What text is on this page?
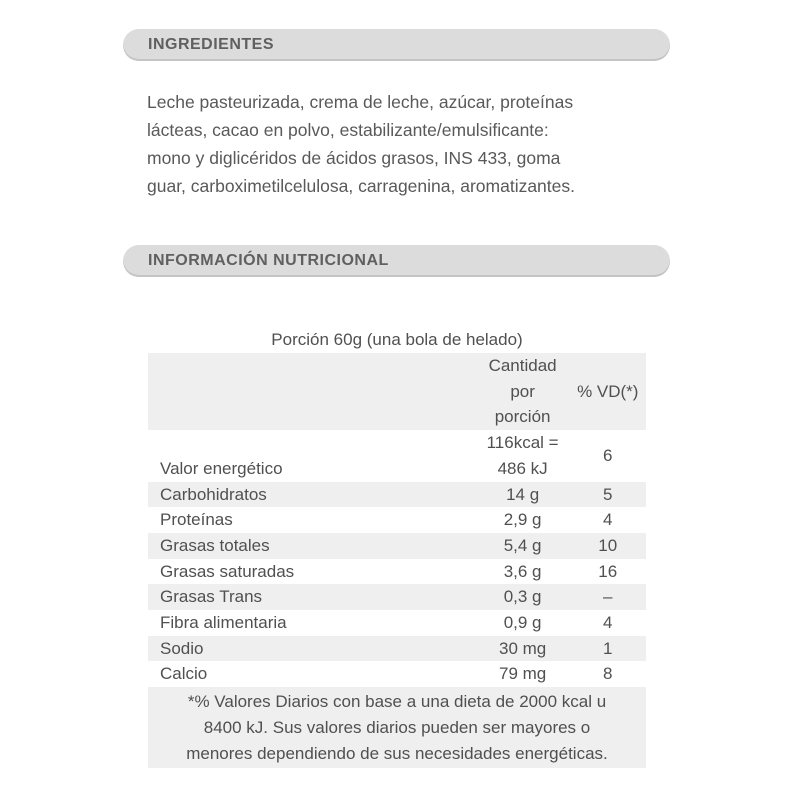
INGREDIENTES

Leche pasteurizada, crema de leche, azúcar, proteínas
lácteas, cacao en polvo, estabilizante/emulsificante:
mono y diglicéridos de ácidos grasos, INS 433, goma
guar, carboximetilcelulosa, carragenina, aromatizantes.

INFORMACIÓN NUTRICIONAL
Porción 60g (una bola de helado)

	Cantidad
por
porción	% VD(*)
Valor energético	116kcal =
486 kJ	6
Carbohidratos	14 g	5
Proteínas	2,9 g	4
Grasas totales	5,4 g	10
Grasas saturadas	3,6 g	16
Grasas Trans	0,3 g	–
Fibra alimentaria	0,9 g	4
Sodio	30 mg	1
Calcio	79 mg	8

*% Valores Diarios con base a una dieta de 2000 kcal u
8400 kJ. Sus valores diarios pueden ser mayores o
menores dependiendo de sus necesidades energéticas.		
